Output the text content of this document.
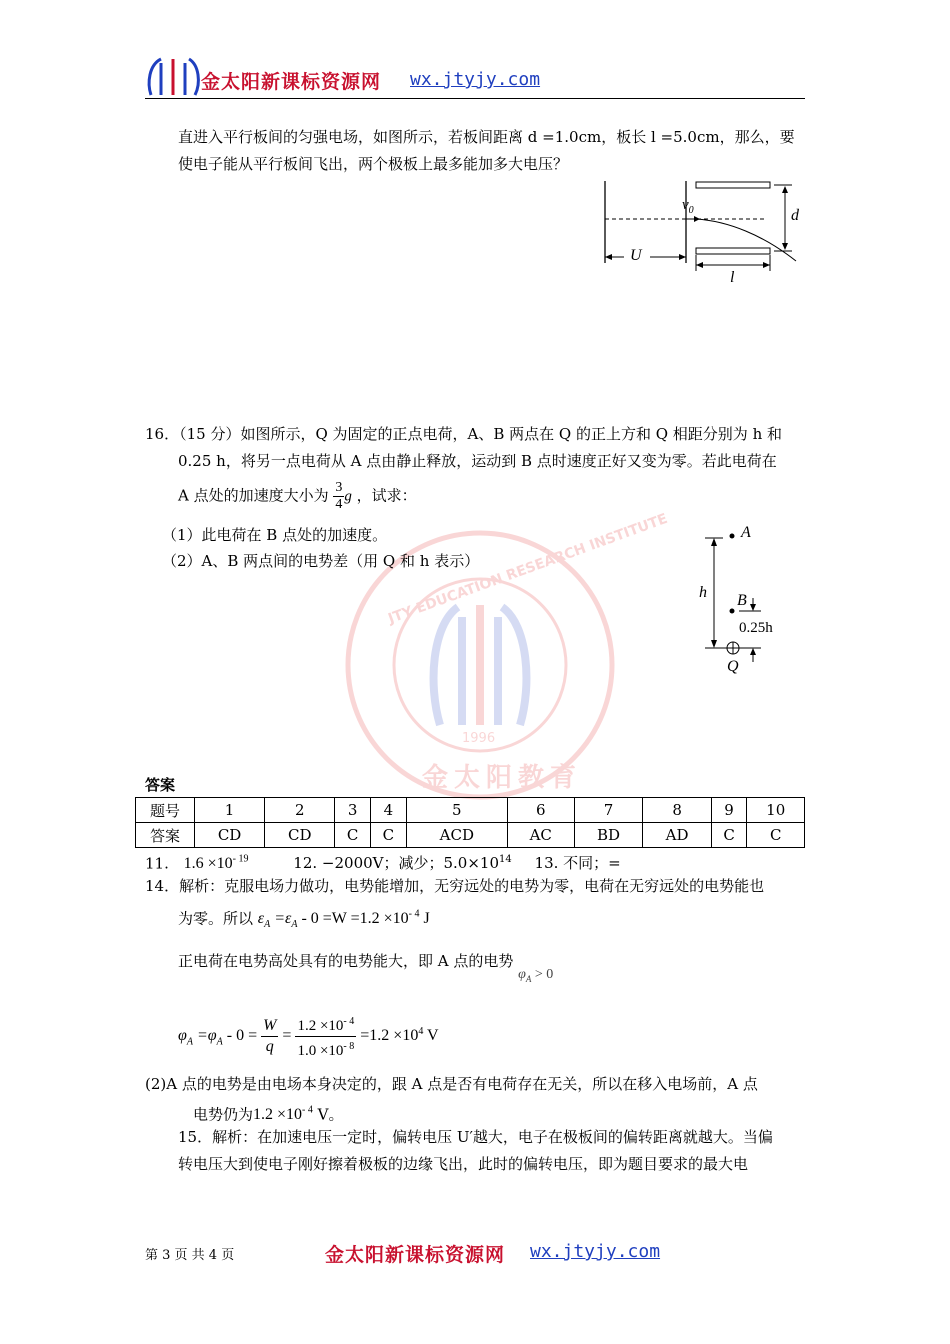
金太阳新课标资源网 wx.jtyjy.com
直进入平行板间的匀强电场，如图所示，若板间距离 d =1.0cm，板长 l =5.0cm，那么，要
使电子能从平行板间飞出，两个极板上最多能加多大电压？
$v_0$	d
U
l
JTY EDUCATION RESEARCH INSTITUTE
1996
金太阳教育
16．（15 分）如图所示，Q 为固定的正点电荷，A、B 两点在 Q 的正上方和 Q 相距分别为 h 和
0.25 h，将另一点电荷从 A 点由静止释放，运动到 B 点时速度正好又变为零。若此电荷在
A 点处的加速度大小为 $\frac{3}{4}$ g ，试求：
（1）此电荷在 B 点处的加速度。
（2）A、B 两点间的电势差（用 Q 和 h 表示）
A
B
h
0.25h
Q
答案
题号	1	2	3	4	5	6	7	8	9	10
答案	CD	CD	C	C	ACD	AC	BD	AD	C	C
11. $1.6 \times 10^{- 19}$	12. −2000V；减少；$5.0\times 10^{14}$ 13. 不同；=
14．解析：克服电场力做功，电势能增加，无穷远处的电势为零，电荷在无穷远处的电势能也
为零。所以 $\varepsilon_A =\varepsilon_A - 0 =W =1.2 \times 10^{- 4}$ J
正电荷在电势高处具有的电势能大，即 A 点的电势 $\varphi_A > 0$
$\varphi_A =\varphi_A - 0 = \frac{W}{q} = \frac{1.2 \times 10^{- 4}}{1.0 \times 10^{- 8}} =1.2 \times 10^4$ V
(2)A 点的电势是由电场本身决定的，跟 A 点是否有电荷存在无关，所以在移入电场前，A 点
电势仍为$1.2 \times 10^{- 4}$ V。
15．解析：在加速电压一定时，偏转电压 U′越大，电子在极板间的偏转距离就越大。当偏
转电压大到使电子刚好擦着极板的边缘飞出，此时的偏转电压，即为题目要求的最大电
第 3 页 共 4 页	金太阳新课标资源网 wx.jtyjy.com
